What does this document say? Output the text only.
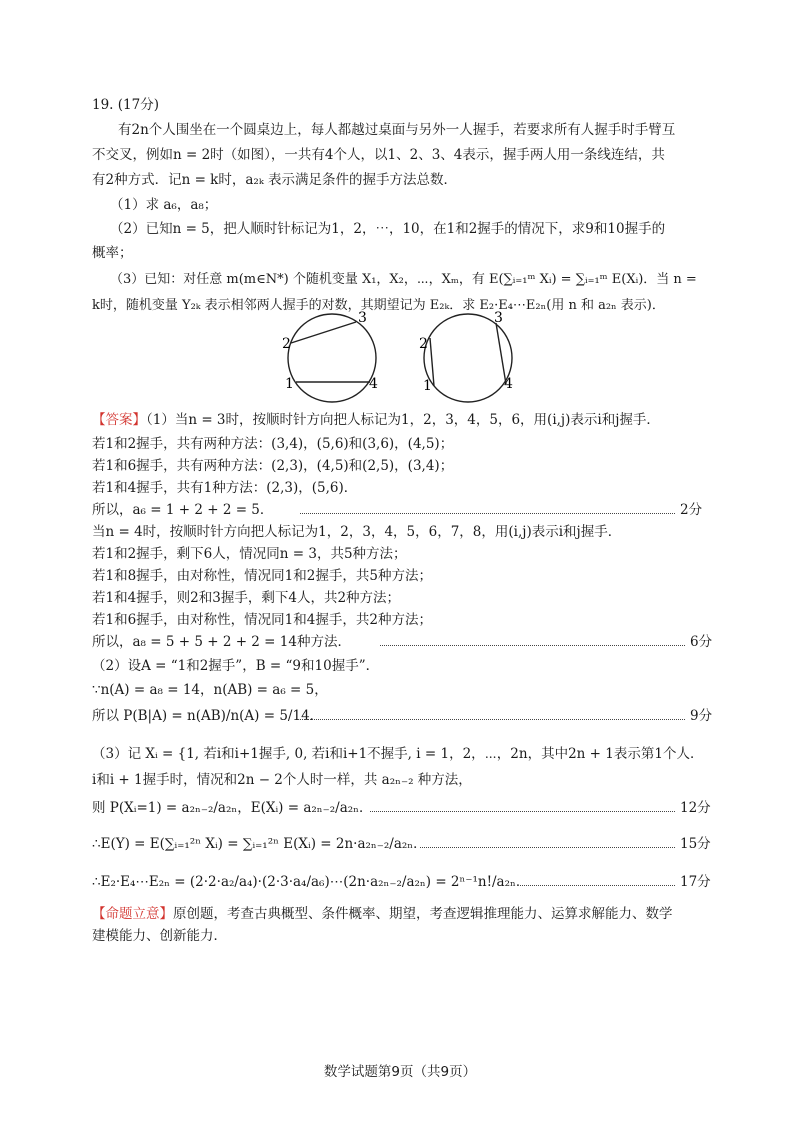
19. (17分)
有2n个人围坐在一个圆桌边上，每人都越过桌面与另外一人握手，若要求所有人握手时手臂互
不交叉，例如n = 2时（如图），一共有4个人，以1、2、3、4表示，握手两人用一条线连结，共
有2种方式．记n = k时，a₂ₖ 表示满足条件的握手方法总数．
（1）求 a₆，a₈；
（2）已知n = 5，把人顺时针标记为1，2，⋯，10，在1和2握手的情况下，求9和10握手的
概率；
（3）已知：对任意 m(m∈N*) 个随机变量 X₁，X₂，⋯，Xₘ，有 E(∑ᵢ₌₁ᵐ Xᵢ) = ∑ᵢ₌₁ᵐ E(Xᵢ)．当 n =
k时，随机变量 Y₂ₖ 表示相邻两人握手的对数，其期望记为 E₂ₖ．求 E₂·E₄⋯E₂ₙ(用 n 和 a₂ₙ 表示)．
2
3
1	4
2
3
1	4
【答案】（1）当n = 3时，按顺时针方向把人标记为1，2，3，4，5，6，用(i,j)表示i和j握手．
若1和2握手，共有两种方法：(3,4)，(5,6)和(3,6)，(4,5)；
若1和6握手，共有两种方法：(2,3)，(4,5)和(2,5)，(3,4)；
若1和4握手，共有1种方法：(2,3)，(5,6)．
所以，a₆ = 1 + 2 + 2 = 5．	2分
当n = 4时，按顺时针方向把人标记为1，2，3，4，5，6，7，8，用(i,j)表示i和j握手．
若1和2握手，剩下6人，情况同n = 3，共5种方法；
若1和8握手，由对称性，情况同1和2握手，共5种方法；
若1和4握手，则2和3握手，剩下4人，共2种方法；
若1和6握手，由对称性，情况同1和4握手，共2种方法；
所以，a₈ = 5 + 5 + 2 + 2 = 14种方法．	6分
（2）设A = “1和2握手”，B = “9和10握手”．
∵n(A) = a₈ = 14，n(AB) = a₆ = 5，
所以 P(B|A) = n(AB)/n(A) = 5/14．	9分
（3）记 Xᵢ = {1, 若i和i+1握手, 0, 若i和i+1不握手, i = 1，2，⋯，2n，其中2n + 1表示第1个人．
i和i + 1握手时，情况和2n − 2个人时一样，共 a₂ₙ₋₂ 种方法，
则 P(Xᵢ=1) = a₂ₙ₋₂/a₂ₙ，E(Xᵢ) = a₂ₙ₋₂/a₂ₙ．	12分
∴E(Y) = E(∑ᵢ₌₁²ⁿ Xᵢ) = ∑ᵢ₌₁²ⁿ E(Xᵢ) = 2n·a₂ₙ₋₂/a₂ₙ．	15分
∴E₂·E₄⋯E₂ₙ = (2·2·a₂/a₄)·(2·3·a₄/a₆)⋯(2n·a₂ₙ₋₂/a₂ₙ) = 2ⁿ⁻¹n!/a₂ₙ．	17分
【命题立意】原创题，考查古典概型、条件概率、期望，考查逻辑推理能力、运算求解能力、数学
建模能力、创新能力．
数学试题第9页（共9页）
